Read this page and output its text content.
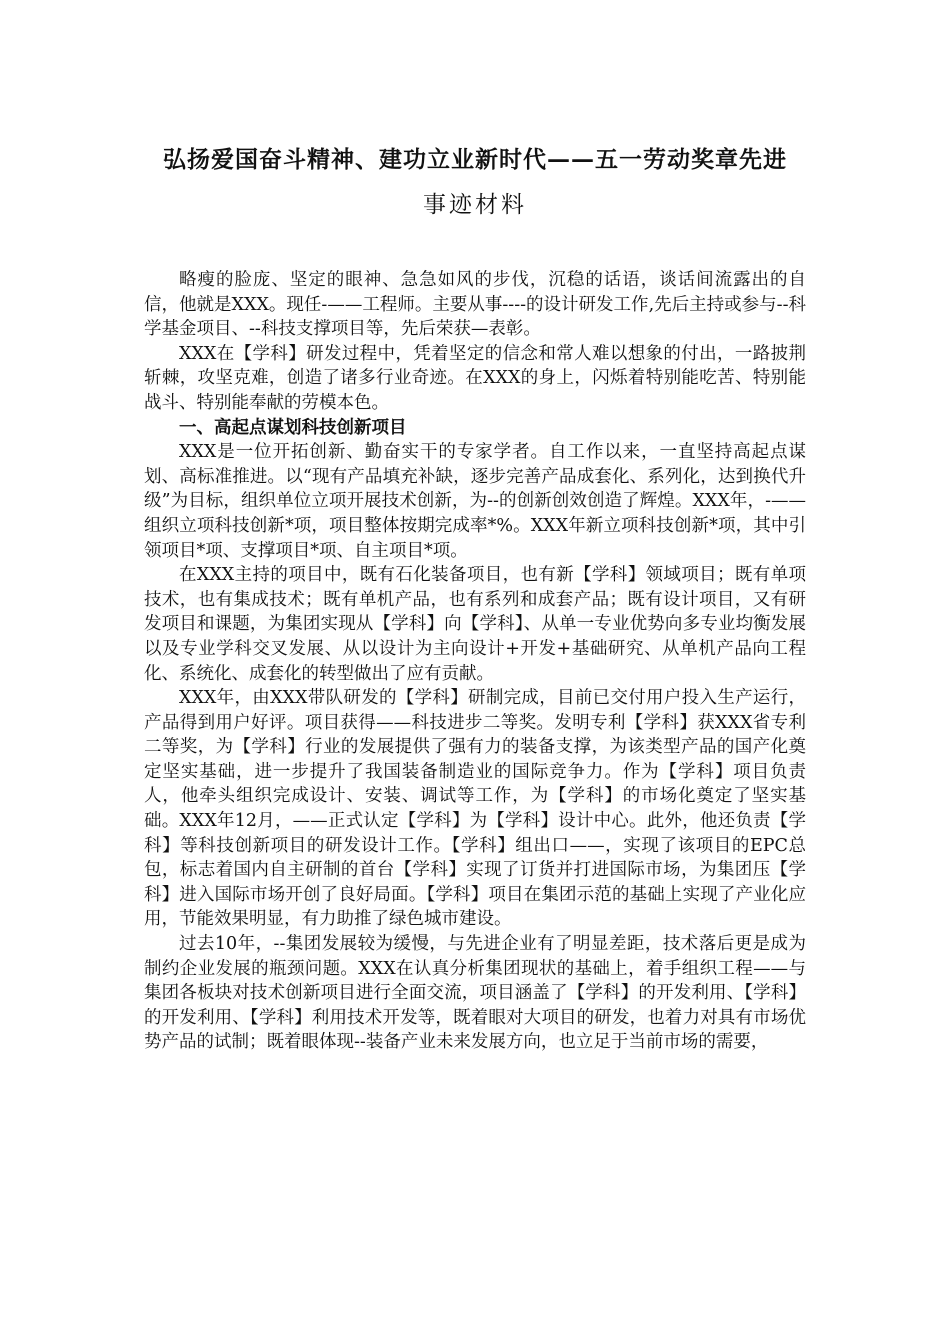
弘扬爱国奋斗精神、建功立业新时代——五一劳动奖章先进
事迹材料

略瘦的脸庞、坚定的眼神、急急如风的步伐，沉稳的话语，谈话间流露出的自信，他就是XXX。现任-——工程师。主要从事----的设计研发工作,先后主持或参与--科学基金项目、--科技支撑项目等，先后荣获—表彰。

XXX在【学科】研发过程中，凭着坚定的信念和常人难以想象的付出，一路披荆斩棘，攻坚克难，创造了诸多行业奇迹。在XXX的身上，闪烁着特别能吃苦、特别能战斗、特别能奉献的劳模本色。

一、高起点谋划科技创新项目

XXX是一位开拓创新、勤奋实干的专家学者。自工作以来，一直坚持高起点谋划、高标准推进。以“现有产品填充补缺，逐步完善产品成套化、系列化，达到换代升级”为目标，组织单位立项开展技术创新，为--的创新创效创造了辉煌。XXX年，-——组织立项科技创新*项，项目整体按期完成率*%。XXX年新立项科技创新*项，其中引领项目*项、支撑项目*项、自主项目*项。

在XXX主持的项目中，既有石化装备项目，也有新【学科】领域项目；既有单项技术，也有集成技术；既有单机产品，也有系列和成套产品；既有设计项目，又有研发项目和课题，为集团实现从【学科】向【学科】、从单一专业优势向多专业均衡发展以及专业学科交叉发展、从以设计为主向设计+开发+基础研究、从单机产品向工程化、系统化、成套化的转型做出了应有贡献。

XXX年，由XXX带队研发的【学科】研制完成，目前已交付用户投入生产运行，产品得到用户好评。项目获得——科技进步二等奖。发明专利【学科】获XXX省专利二等奖，为【学科】行业的发展提供了强有力的装备支撑，为该类型产品的国产化奠定坚实基础，进一步提升了我国装备制造业的国际竞争力。作为【学科】项目负责人，他牵头组织完成设计、安装、调试等工作，为【学科】的市场化奠定了坚实基础。XXX年12月，——正式认定【学科】为【学科】设计中心。此外，他还负责【学科】等科技创新项目的研发设计工作。【学科】组出口——，实现了该项目的EPC总包，标志着国内自主研制的首台【学科】实现了订货并打进国际市场，为集团压【学科】进入国际市场开创了良好局面。【学科】项目在集团示范的基础上实现了产业化应用，节能效果明显，有力助推了绿色城市建设。

过去10年，--集团发展较为缓慢，与先进企业有了明显差距，技术落后更是成为制约企业发展的瓶颈问题。XXX在认真分析集团现状的基础上，着手组织工程——与集团各板块对技术创新项目进行全面交流，项目涵盖了【学科】的开发利用、【学科】的开发利用、【学科】利用技术开发等，既着眼对大项目的研发，也着力对具有市场优势产品的试制；既着眼体现--装备产业未来发展方向，也立足于当前市场的需要，
